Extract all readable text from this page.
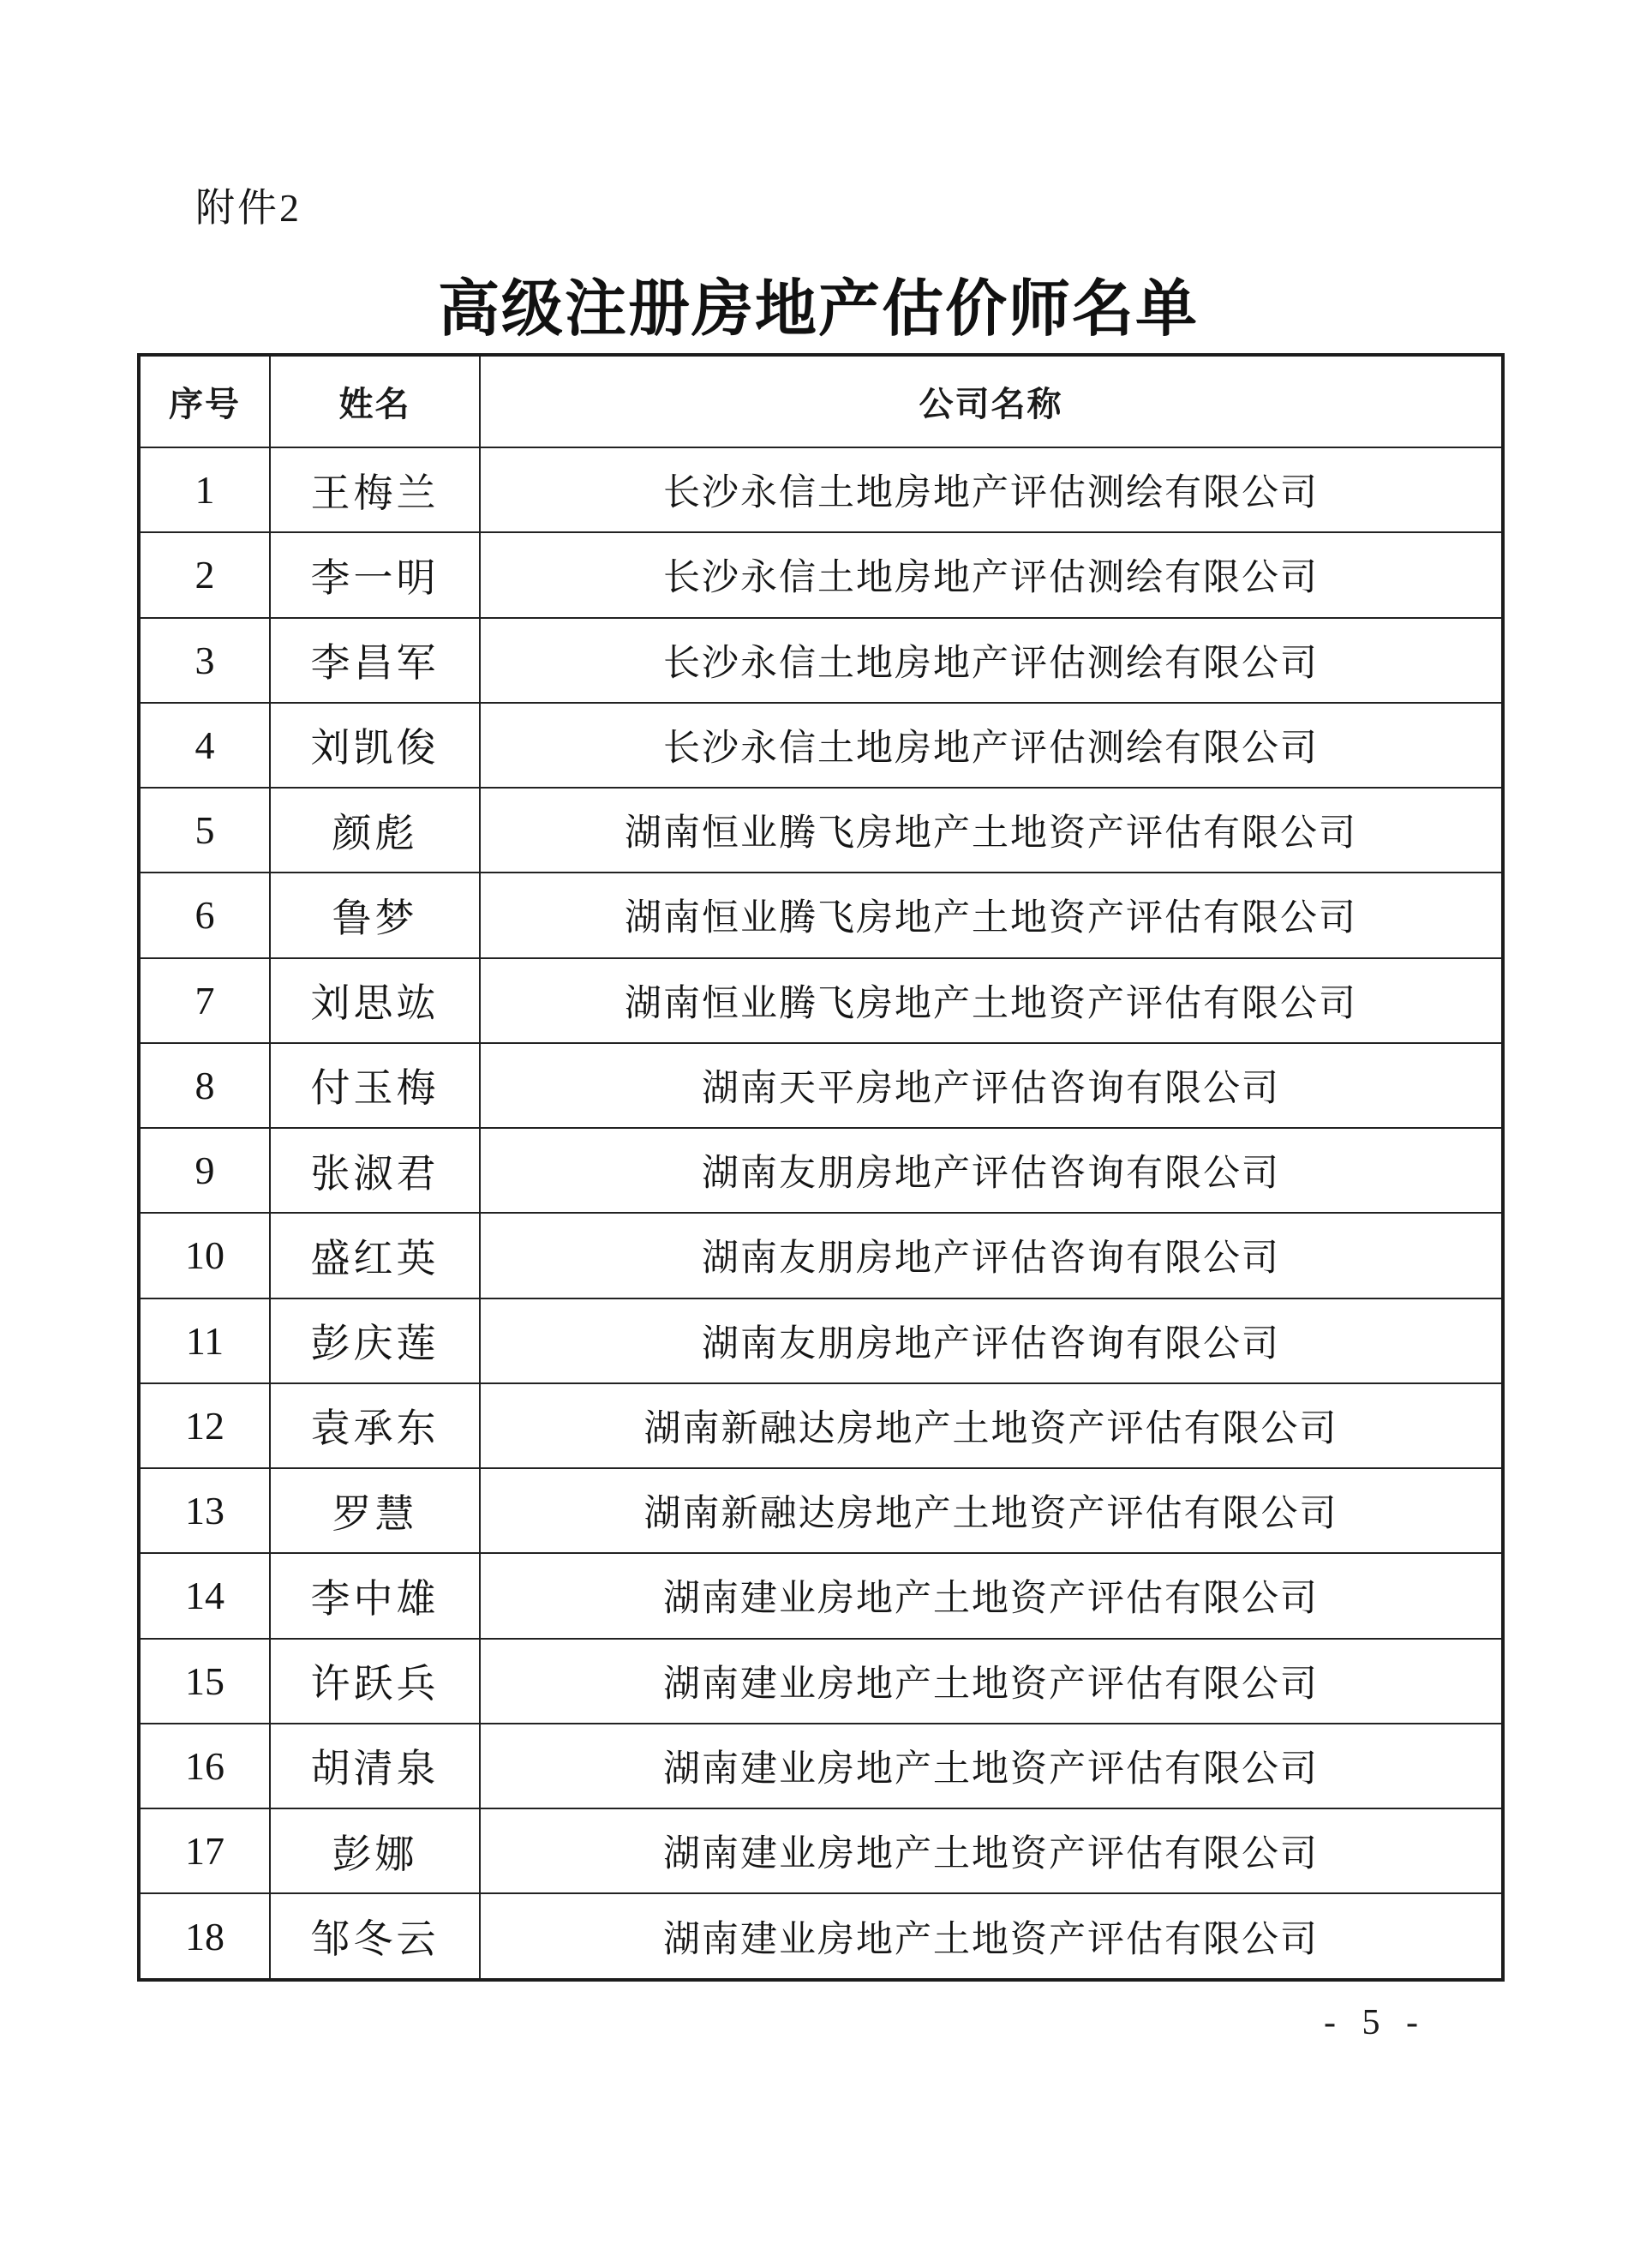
附件2
高级注册房地产估价师名单
序号	姓名	公司名称
1	王梅兰	长沙永信土地房地产评估测绘有限公司
2	李一明	长沙永信土地房地产评估测绘有限公司
3	李昌军	长沙永信土地房地产评估测绘有限公司
4	刘凯俊	长沙永信土地房地产评估测绘有限公司
5	颜彪	湖南恒业腾飞房地产土地资产评估有限公司
6	鲁梦	湖南恒业腾飞房地产土地资产评估有限公司
7	刘思竑	湖南恒业腾飞房地产土地资产评估有限公司
8	付玉梅	湖南天平房地产评估咨询有限公司
9	张淑君	湖南友朋房地产评估咨询有限公司
10	盛红英	湖南友朋房地产评估咨询有限公司
11	彭庆莲	湖南友朋房地产评估咨询有限公司
12	袁承东	湖南新融达房地产土地资产评估有限公司
13	罗慧	湖南新融达房地产土地资产评估有限公司
14	李中雄	湖南建业房地产土地资产评估有限公司
15	许跃兵	湖南建业房地产土地资产评估有限公司
16	胡清泉	湖南建业房地产土地资产评估有限公司
17	彭娜	湖南建业房地产土地资产评估有限公司
18	邹冬云	湖南建业房地产土地资产评估有限公司
- 5 -
